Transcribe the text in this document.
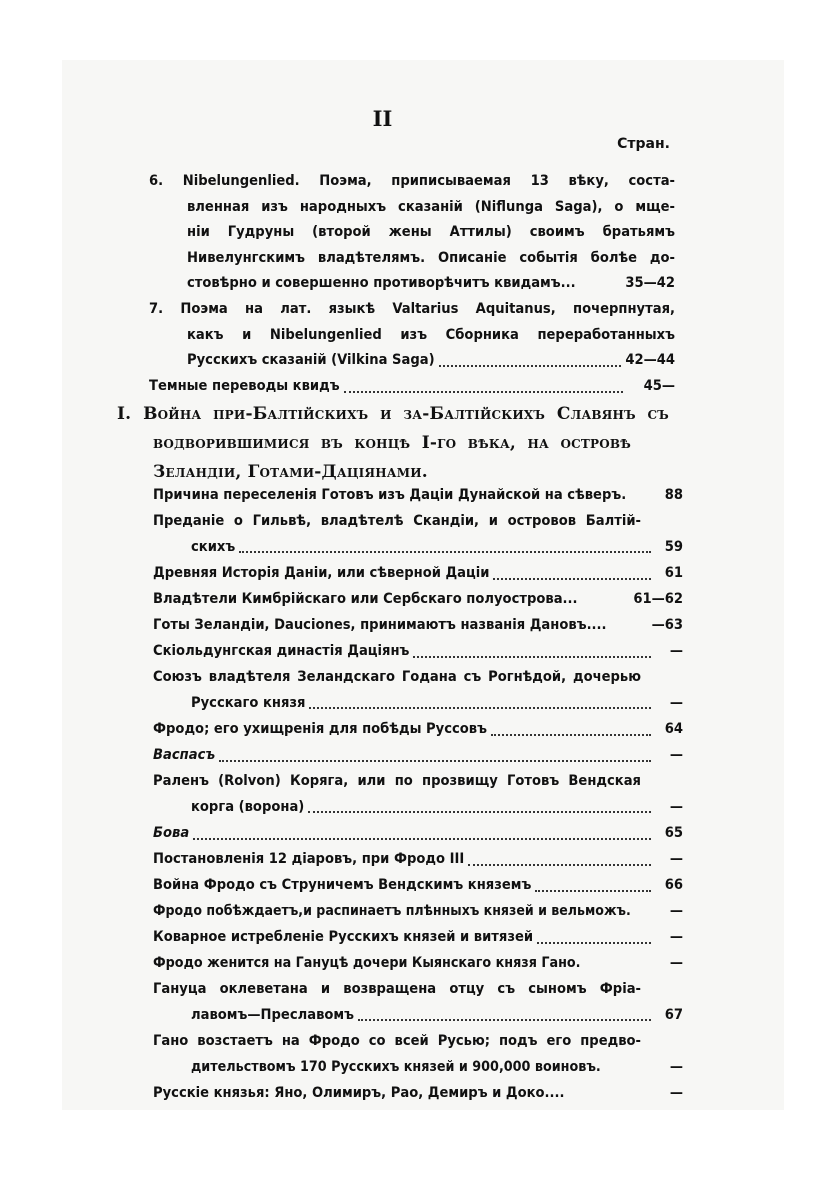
II
Стран.
6. Nibelungenlied. Поэма, приписываемая 13 вѣку, соста-
вленная изъ народныхъ сказаній (Niflunga Saga), о мще-
ніи Гудруны (второй жены Аттилы) своимъ братьямъ
Нивелунгскимъ владѣтелямъ. Описаніе событія болѣе до-
стовѣрно и совершенно противорѣчитъ квидамъ...	35—42
7. Поэма на лат. языкѣ Valtarius Aquitanus, почерпнутая,
какъ и Nibelungenlied изъ Сборника переработанныхъ
Русскихъ сказаній (Vilkina Saga)	42—44
Темные переводы квидъ	45—
I. Война при-Балтійскихъ и за-Балтійскихъ Славянъ съ
водворившимися въ концѣ I-го вѣка, на островѣ
Зеландіи, Готами-Даціянами.
Причина переселенія Готовъ изъ Даціи Дунайской на сѣверъ.	88
Преданіе о Гильвѣ, владѣтелѣ Скандіи, и островов Балтій-
скихъ	59
Древняя Исторія Даніи, или сѣверной Даціи	61
Владѣтели Кимбрійскаго или Сербскаго полуострова...	61—62
Готы Зеландіи, Dauciones, принимаютъ названія Дановъ....	—63
Скіольдунгская династія Даціянъ	—
Союзъ владѣтеля Зеландскаго Годана съ Рогнѣдой, дочерью
Русскаго князя	—
Фродо; его ухищренія для побѣды Руссовъ	64
Васпасъ	—
Раленъ (Rolvon) Коряга, или по прозвищу Готовъ Вендская
корга (ворона)	—
Бова	65
Постановленія 12 діаровъ, при Фродо III	—
Война Фродо съ Струничемъ Вендскимъ княземъ	66
Фродо побѣждаетъ,и распинаетъ плѣнныхъ князей и вельможъ.	—
Коварное истребленіе Русскихъ князей и витязей	—
Фродо женится на Гануцѣ дочери Кыянскаго князя Гано.	—
Гануца оклеветана и возвращена отцу съ сыномъ Фріа-
лавомъ—Преславомъ	67
Гано возстаетъ на Фродо со всей Русью; подъ его предво-
дительствомъ 170 Русскихъ князей и 900,000 воиновъ.	—
Русскіе князья: Яно, Олимиръ, Рао, Демиръ и Доко....	—
